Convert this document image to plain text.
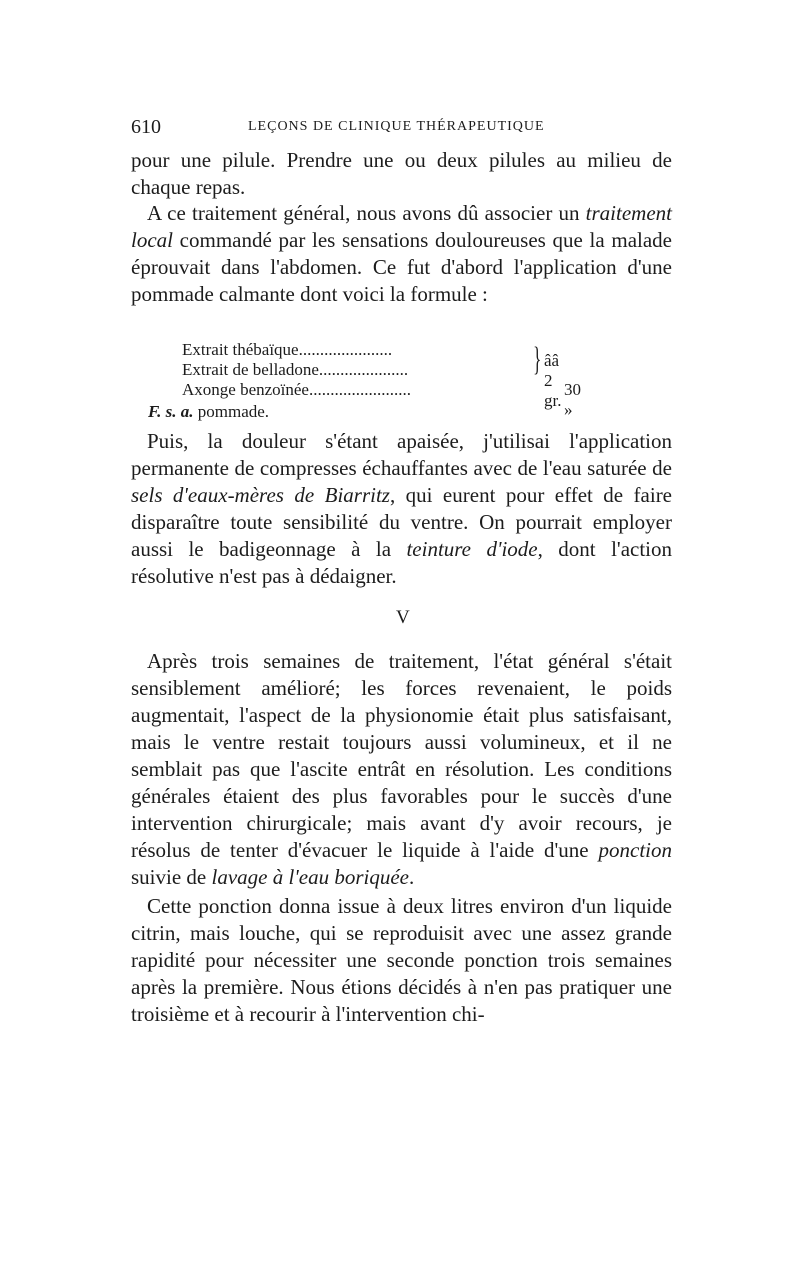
610	LEÇONS DE CLINIQUE THÉRAPEUTIQUE
pour une pilule. Prendre une ou deux pilules au milieu de chaque repas.
A ce traitement général, nous avons dû associer un traitement local commandé par les sensations douloureuses que la malade éprouvait dans l'abdomen. Ce fut d'abord l'application d'une pommade calmante dont voici la formule :
Extrait thébaïque......................
Extrait de belladone.....................
Axonge benzoïnée........................
} ââ 2 gr.
30 »
F. s. a. pommade.
Puis, la douleur s'étant apaisée, j'utilisai l'application permanente de compresses échauffantes avec de l'eau saturée de sels d'eaux-mères de Biarritz, qui eurent pour effet de faire disparaître toute sensibilité du ventre. On pourrait employer aussi le badigeonnage à la teinture d'iode, dont l'action résolutive n'est pas à dédaigner.
V
Après trois semaines de traitement, l'état général s'était sensiblement amélioré; les forces revenaient, le poids augmentait, l'aspect de la physionomie était plus satisfaisant, mais le ventre restait toujours aussi volumineux, et il ne semblait pas que l'ascite entrât en résolution. Les conditions générales étaient des plus favorables pour le succès d'une intervention chirurgicale; mais avant d'y avoir recours, je résolus de tenter d'évacuer le liquide à l'aide d'une ponction suivie de lavage à l'eau boriquée.
Cette ponction donna issue à deux litres environ d'un liquide citrin, mais louche, qui se reproduisit avec une assez grande rapidité pour nécessiter une seconde ponction trois semaines après la première. Nous étions décidés à n'en pas pratiquer une troisième et à recourir à l'intervention chi-
